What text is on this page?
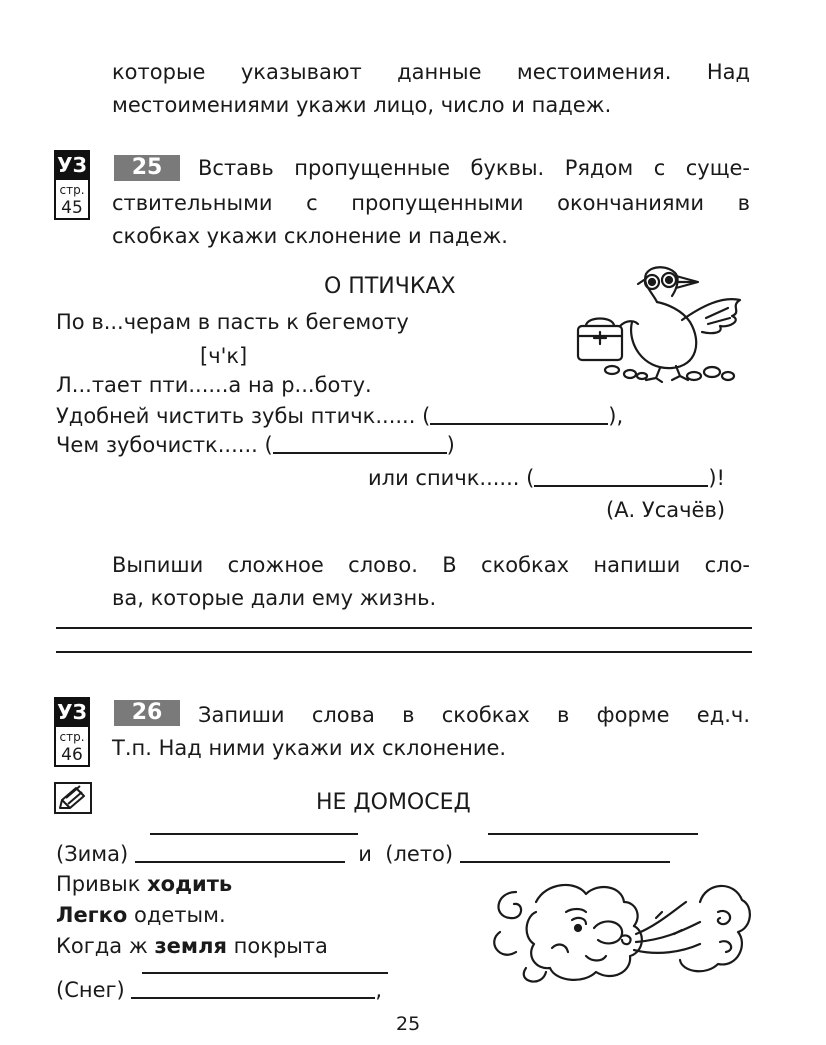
которые указывают данные местоимения. Над
местоимениями укажи лицо, число и падеж.
УЗ
стр.
45
25	Вставь пропущенные буквы. Рядом с суще-
ствительными с пропущенными окончаниями в
скобках укажи склонение и падеж.
О ПТИЧКАХ
По в...черам в пасть к бегемоту
[ч'к]
Л...тает пти......а на р...боту.
Удобней чистить зубы птичк...... (	),
Чем зубочистк...... (	)
или спичк...... (	)!
(А. Усачёв)
Выпиши сложное слово. В скобках напиши сло-
ва, которые дали ему жизнь.
УЗ
стр.
46
26	Запиши слова в скобках в форме ед.ч.
Т.п. Над ними укажи их склонение.
НЕ ДОМОСЕД
(Зима)	и (лето)
Привык ходить
Легко одетым.
Когда ж земля покрыта
(Снег)	,
25
